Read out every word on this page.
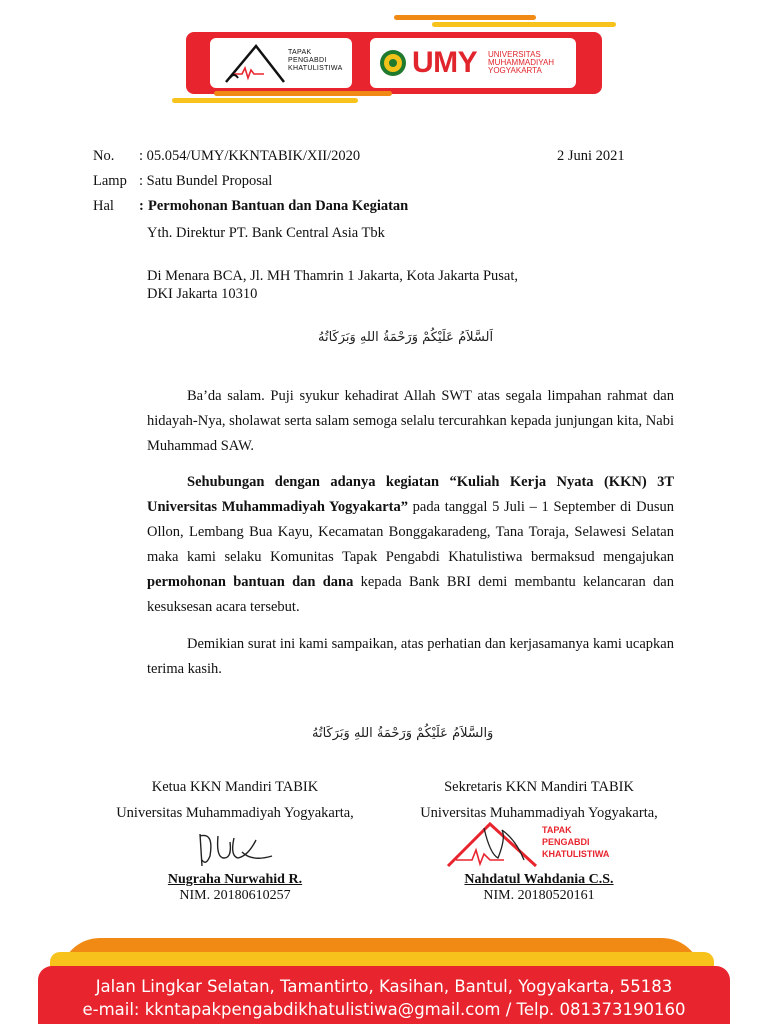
TAPAK
PENGABDI
KHATULISTIWA UMY UNIVERSITAS
MUHAMMADIYAH
YOGYAKARTA
No. : 05.054/UMY/KKNTABIK/XII/2020	2 Juni 2021
Lamp : Satu Bundel Proposal
Hal : Permohonan Bantuan dan Dana Kegiatan
Yth. Direktur PT. Bank Central Asia Tbk
Di Menara BCA, Jl. MH Thamrin 1 Jakarta, Kota Jakarta Pusat,
DKI Jakarta 10310
اَلسَّلاَمُ عَلَيْكُمْ وَرَحْمَةُ اللهِ وَبَرَكَاتُهُ

Ba’da salam. Puji syukur kehadirat Allah SWT atas segala limpahan rahmat dan hidayah-Nya, sholawat serta salam semoga selalu tercurahkan kepada junjungan kita, Nabi Muhammad SAW.

Sehubungan dengan adanya kegiatan “Kuliah Kerja Nyata (KKN) 3T Universitas Muhammadiyah Yogyakarta” pada tanggal 5 Juli – 1 September di Dusun Ollon, Lembang Bua Kayu, Kecamatan Bonggakaradeng, Tana Toraja, Selawesi Selatan maka kami selaku Komunitas Tapak Pengabdi Khatulistiwa bermaksud mengajukan permohonan bantuan dan dana kepada Bank BRI demi membantu kelancaran dan kesuksesan acara tersebut.

Demikian surat ini kami sampaikan, atas perhatian dan kerjasamanya kami ucapkan terima kasih.

وَالسَّلاَمُ عَلَيْكُمْ وَرَحْمَةُ اللهِ وَبَرَكَاتُهُ
Ketua KKN Mandiri TABIK
Universitas Muhammadiyah Yogyakarta,
Nugraha Nurwahid R.
NIM. 20180610257
Sekretaris KKN Mandiri TABIK
Universitas Muhammadiyah Yogyakarta,
TAPAK
PENGABDI
KHATULISTIWA
Nahdatul Wahdania C.S.
NIM. 20180520161
Jalan Lingkar Selatan, Tamantirto, Kasihan, Bantul, Yogyakarta, 55183
e-mail: kkntapakpengabdikhatulistiwa@gmail.com / Telp. 081373190160
